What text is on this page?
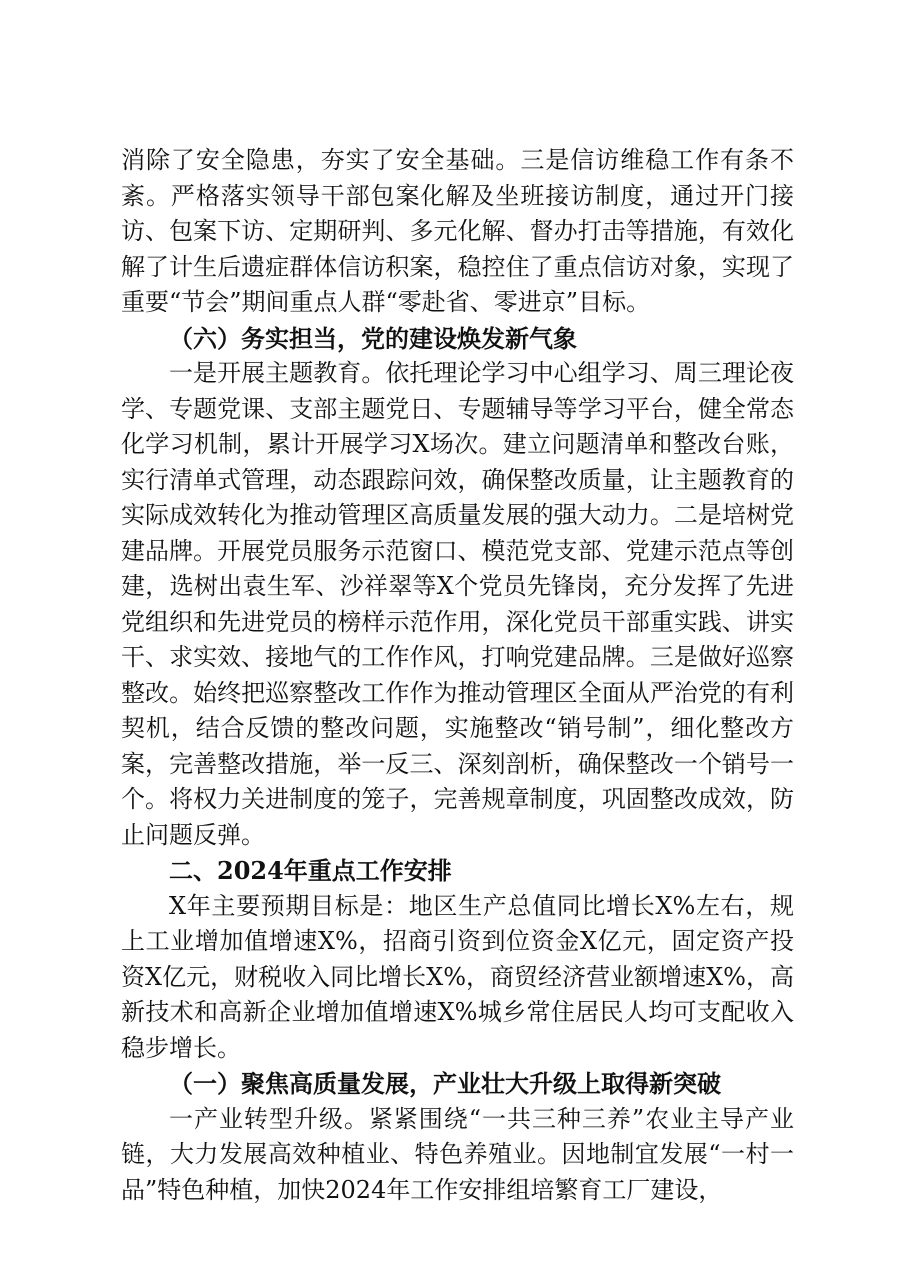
消除了安全隐患，夯实了安全基础。三是信访维稳工作有条不紊。严格落实领导干部包案化解及坐班接访制度，通过开门接访、包案下访、定期研判、多元化解、督办打击等措施，有效化解了计生后遗症群体信访积案，稳控住了重点信访对象，实现了重要“节会”期间重点人群“零赴省、零进京”目标。

（六）务实担当，党的建设焕发新气象

一是开展主题教育。依托理论学习中心组学习、周三理论夜学、专题党课、支部主题党日、专题辅导等学习平台，健全常态化学习机制，累计开展学习X场次。建立问题清单和整改台账，实行清单式管理，动态跟踪问效，确保整改质量，让主题教育的实际成效转化为推动管理区高质量发展的强大动力。二是培树党建品牌。开展党员服务示范窗口、模范党支部、党建示范点等创建，选树出袁生军、沙祥翠等X个党员先锋岗，充分发挥了先进党组织和先进党员的榜样示范作用，深化党员干部重实践、讲实干、求实效、接地气的工作作风，打响党建品牌。三是做好巡察整改。始终把巡察整改工作作为推动管理区全面从严治党的有利契机，结合反馈的整改问题，实施整改“销号制”，细化整改方案，完善整改措施，举一反三、深刻剖析，确保整改一个销号一个。将权力关进制度的笼子，完善规章制度，巩固整改成效，防止问题反弹。

二、2024年重点工作安排

X年主要预期目标是：地区生产总值同比增长X%左右，规上工业增加值增速X%，招商引资到位资金X亿元，固定资产投资X亿元，财税收入同比增长X%，商贸经济营业额增速X%，高新技术和高新企业增加值增速X%城乡常住居民人均可支配收入稳步增长。

（一）聚焦高质量发展，产业壮大升级上取得新突破

一产业转型升级。紧紧围绕“一共三种三养”农业主导产业链，大力发展高效种植业、特色养殖业。因地制宜发展“一村一品”特色种植，加快2024年工作安排组培繁育工厂建设，
